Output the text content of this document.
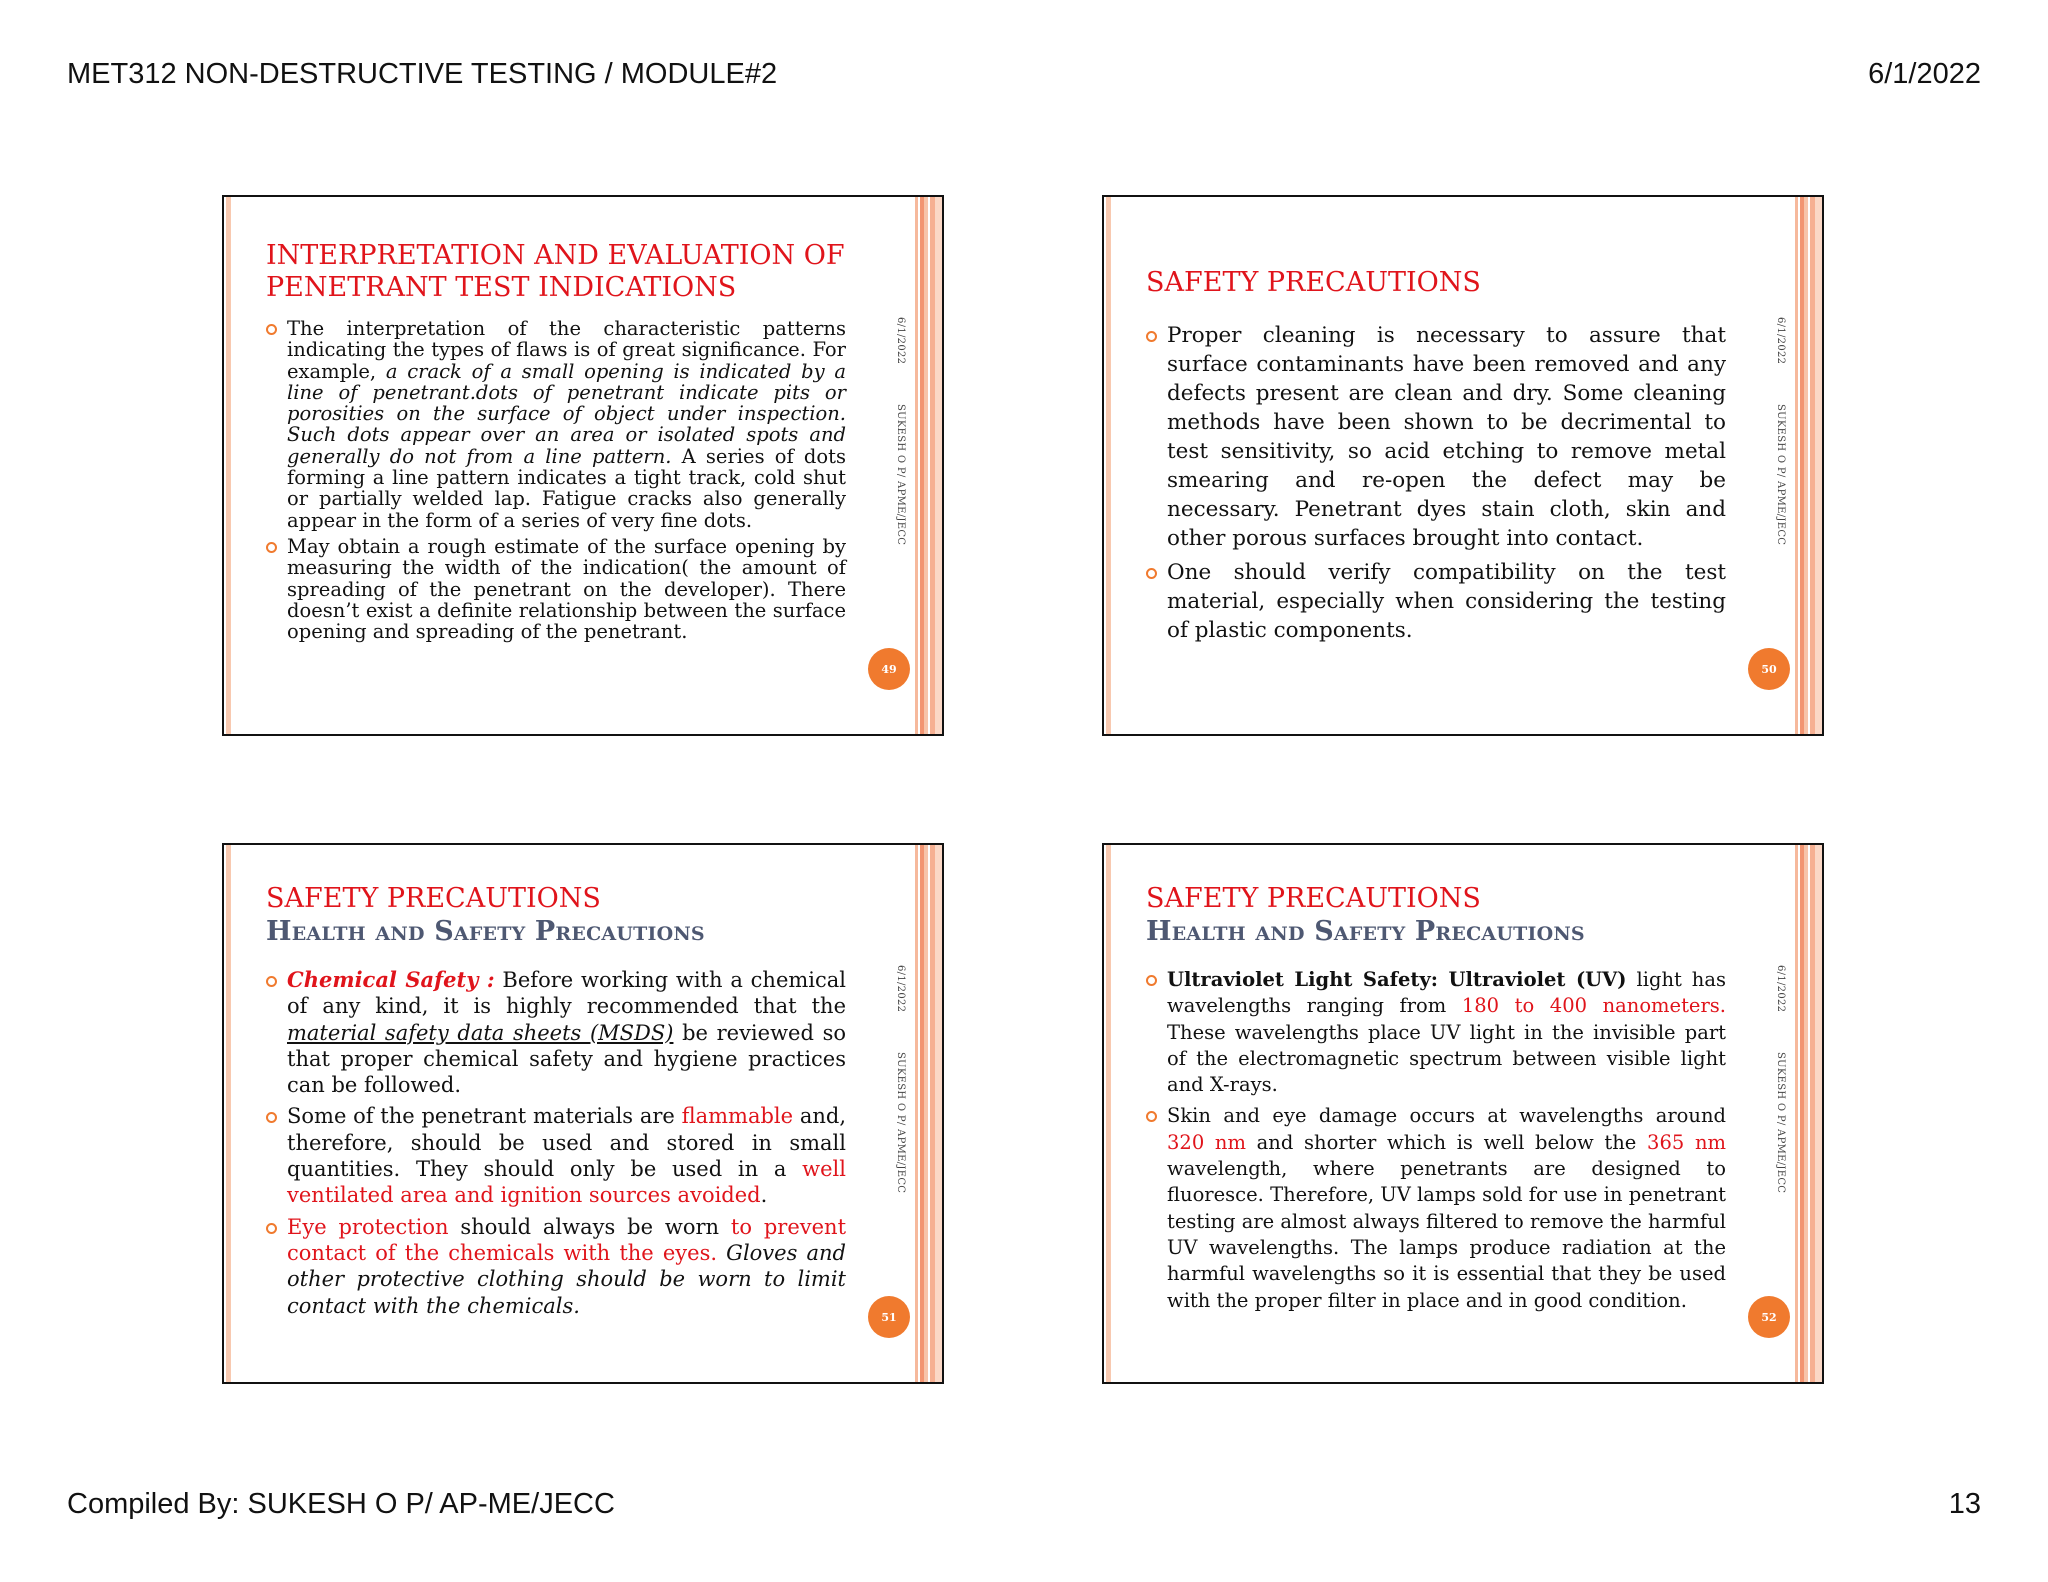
MET312 NON-DESTRUCTIVE TESTING / MODULE#2	6/1/2022
6/1/2022SUKESH O P/ APME/JECC
49
INTERPRETATION AND EVALUATION OF PENETRANT TEST INDICATIONS
The interpretation of the characteristic patterns indicating the types of flaws is of great significance. For example, a crack of a small opening is indicated by a line of penetrant.dots of penetrant indicate pits or porosities on the surface of object under inspection. Such dots appear over an area or isolated spots and generally do not from a line pattern. A series of dots forming a line pattern indicates a tight track, cold shut or partially welded lap. Fatigue cracks also generally appear in the form of a series of very fine dots.
May obtain a rough estimate of the surface opening by measuring the width of the indication( the amount of spreading of the penetrant on the developer). There doesn’t exist a definite relationship between the surface opening and spreading of the penetrant.
6/1/2022SUKESH O P/ APME/JECC
50
SAFETY PRECAUTIONS
Proper cleaning is necessary to assure that surface contaminants have been removed and any defects present are clean and dry. Some cleaning methods have been shown to be decrimental to test sensitivity, so acid etching to remove metal smearing and re-open the defect may be necessary. Penetrant dyes stain cloth, skin and other porous surfaces brought into contact.
One should verify compatibility on the test material, especially when considering the testing of plastic components.
6/1/2022SUKESH O P/ APME/JECC
51
SAFETY PRECAUTIONS
Health and Safety Precautions
Chemical Safety : Before working with a chemical of any kind, it is highly recommended that the material safety data sheets (MSDS) be reviewed so that proper chemical safety and hygiene practices can be followed.
Some of the penetrant materials are flammable and, therefore, should be used and stored in small quantities. They should only be used in a well ventilated area and ignition sources avoided.
Eye protection should always be worn to prevent contact of the chemicals with the eyes. Gloves and other protective clothing should be worn to limit contact with the chemicals.
6/1/2022SUKESH O P/ APME/JECC
52
SAFETY PRECAUTIONS
Health and Safety Precautions
Ultraviolet Light Safety: Ultraviolet (UV) light has wavelengths ranging from 180 to 400 nanometers. These wavelengths place UV light in the invisible part of the electromagnetic spectrum between visible light and X-rays.
Skin and eye damage occurs at wavelengths around 320 nm and shorter which is well below the 365 nm wavelength, where penetrants are designed to fluoresce. Therefore, UV lamps sold for use in penetrant testing are almost always filtered to remove the harmful UV wavelengths. The lamps produce radiation at the harmful wavelengths so it is essential that they be used with the proper filter in place and in good condition.
Compiled By: SUKESH O P/ AP-ME/JECC	13
